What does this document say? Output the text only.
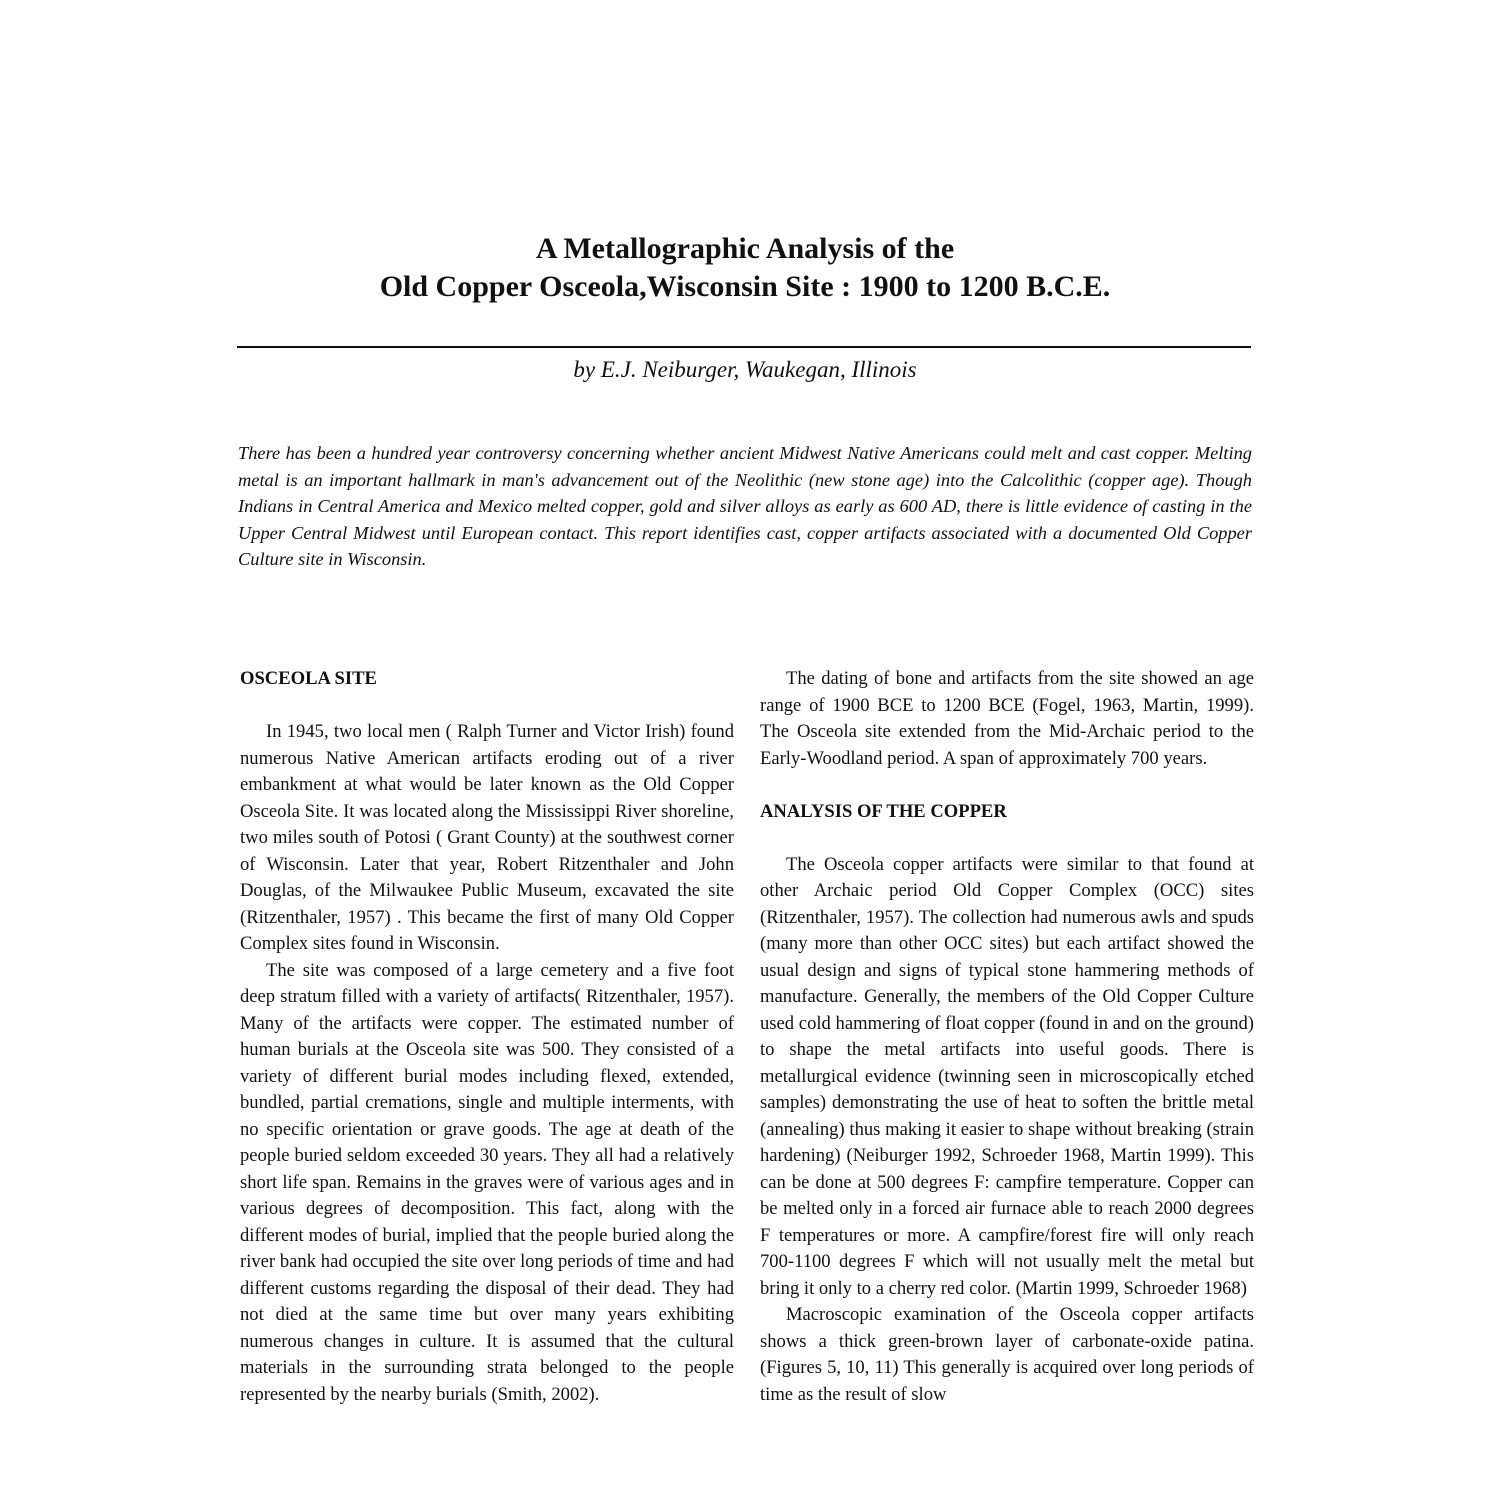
A Metallographic Analysis of the
Old Copper Osceola,Wisconsin Site : 1900 to 1200 B.C.E.
by E.J. Neiburger, Waukegan, Illinois

There has been a hundred year controversy concerning whether ancient Midwest Native Americans could melt and cast copper. Melting metal is an important hallmark in man's advancement out of the Neolithic (new stone age) into the Calcolithic (copper age). Though Indians in Central America and Mexico melted copper, gold and silver alloys as early as 600 AD, there is little evidence of casting in the Upper Central Midwest until European contact. This report identifies cast, copper artifacts associated with a documented Old Copper Culture site in Wisconsin.

OSCEOLA SITE

In 1945, two local men ( Ralph Turner and Victor Irish) found numerous Native American artifacts eroding out of a river embankment at what would be later known as the Old Copper Osceola Site. It was located along the Mississippi River shoreline, two miles south of Potosi ( Grant County) at the southwest corner of Wisconsin. Later that year, Robert Ritzenthaler and John Douglas, of the Milwaukee Public Museum, excavated the site (Ritzenthaler, 1957) . This became the first of many Old Copper Complex sites found in Wisconsin.

The site was composed of a large cemetery and a five foot deep stratum filled with a variety of artifacts( Ritzenthaler, 1957). Many of the artifacts were copper. The estimated number of human burials at the Osceola site was 500. They consisted of a variety of different burial modes including flexed, extended, bundled, partial cremations, single and multiple interments, with no specific orientation or grave goods. The age at death of the people buried seldom exceeded 30 years. They all had a relatively short life span. Remains in the graves were of various ages and in various degrees of decomposition. This fact, along with the different modes of burial, implied that the people buried along the river bank had occupied the site over long periods of time and had different customs regarding the disposal of their dead. They had not died at the same time but over many years exhibiting numerous changes in culture. It is assumed that the cultural materials in the surrounding strata belonged to the people represented by the nearby burials (Smith, 2002).

The dating of bone and artifacts from the site showed an age range of 1900 BCE to 1200 BCE (Fogel, 1963, Martin, 1999). The Osceola site extended from the Mid-Archaic period to the Early-Woodland period. A span of approximately 700 years.

ANALYSIS OF THE COPPER

The Osceola copper artifacts were similar to that found at other Archaic period Old Copper Complex (OCC) sites (Ritzenthaler, 1957). The collection had numerous awls and spuds (many more than other OCC sites) but each artifact showed the usual design and signs of typical stone hammering methods of manufacture. Generally, the members of the Old Copper Culture used cold hammering of float copper (found in and on the ground) to shape the metal artifacts into useful goods. There is metallurgical evidence (twinning seen in microscopically etched samples) demonstrating the use of heat to soften the brittle metal (annealing) thus making it easier to shape without breaking (strain hardening) (Neiburger 1992, Schroeder 1968, Martin 1999). This can be done at 500 degrees F: campfire temperature. Copper can be melted only in a forced air furnace able to reach 2000 degrees F temperatures or more. A campfire/forest fire will only reach 700-1100 degrees F which will not usually melt the metal but bring it only to a cherry red color. (Martin 1999, Schroeder 1968)

Macroscopic examination of the Osceola copper artifacts shows a thick green-brown layer of carbonate-oxide patina.(Figures 5, 10, 11) This generally is acquired over long periods of time as the result of slow
